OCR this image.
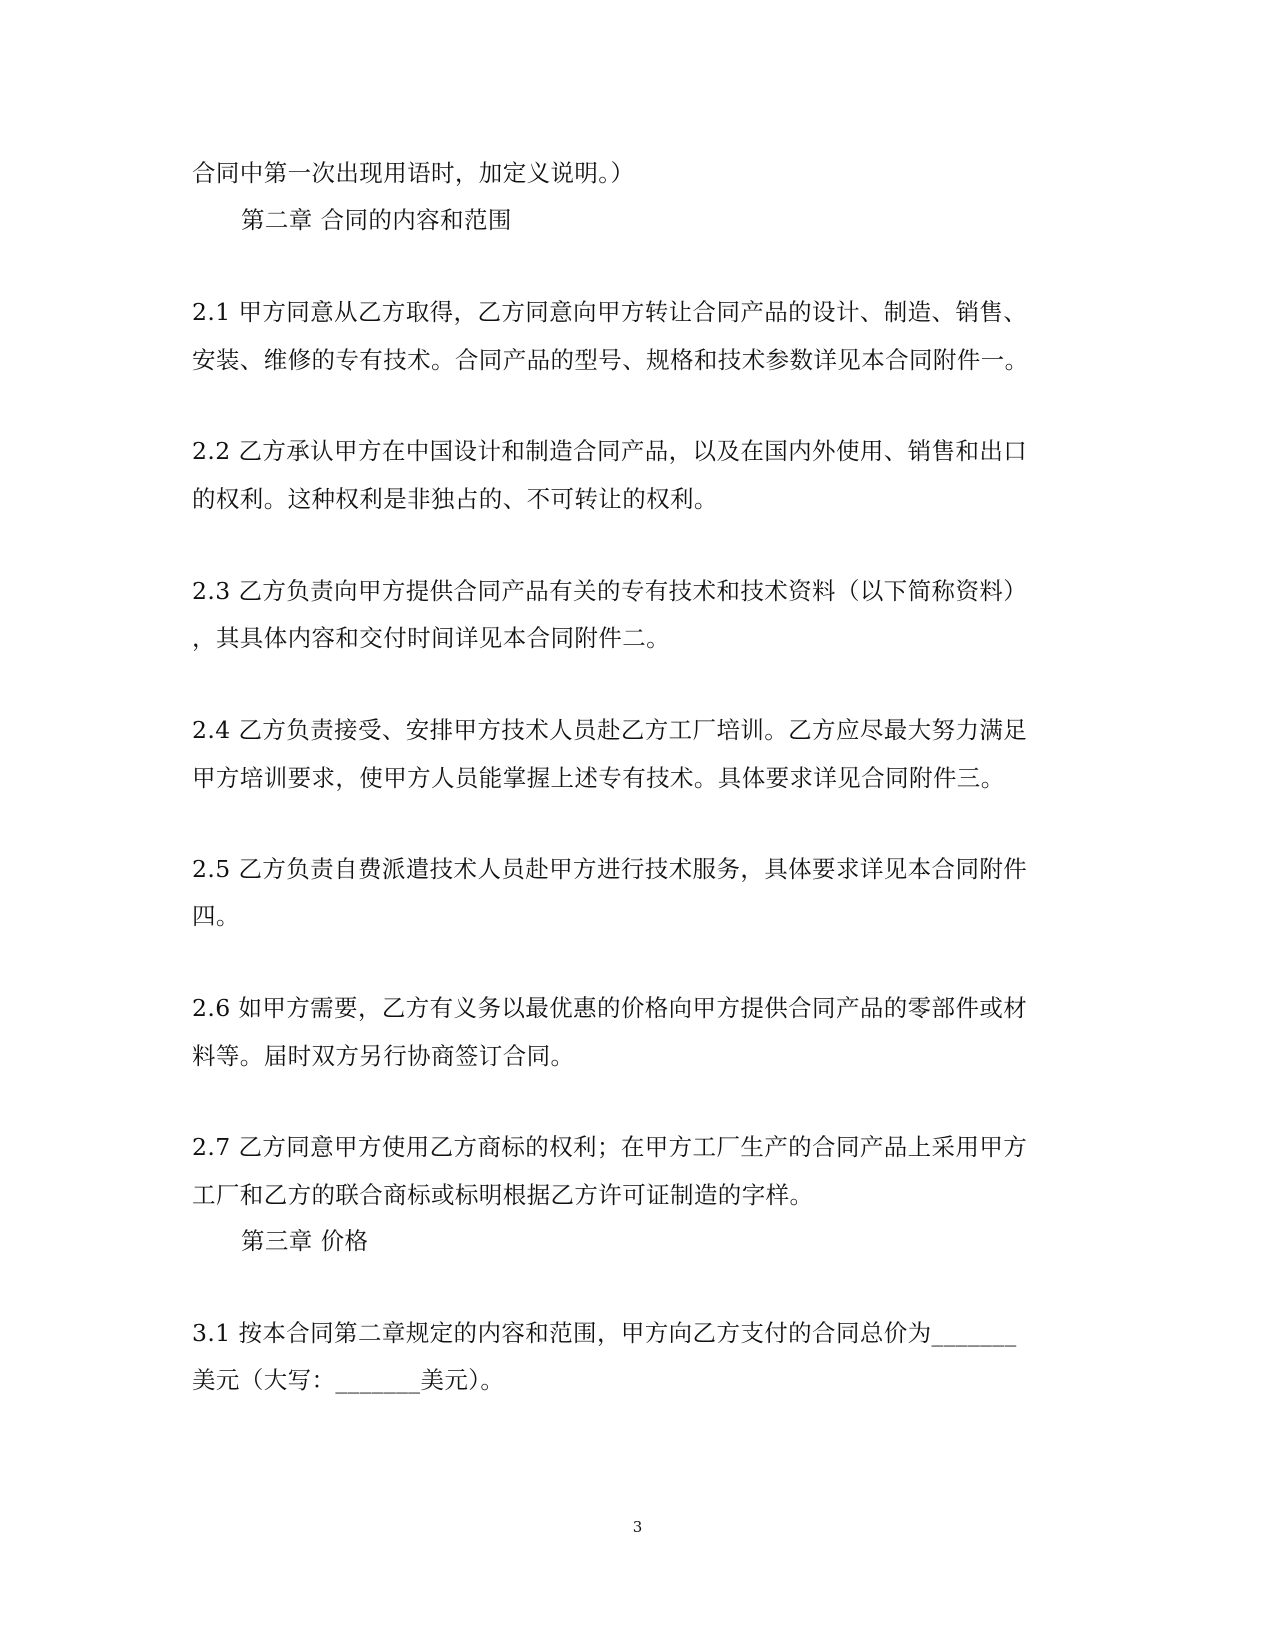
合同中第一次出现用语时，加定义说明。）
第二章 合同的内容和范围
2.1 甲方同意从乙方取得，乙方同意向甲方转让合同产品的设计、制造、销售、
安装、维修的专有技术。合同产品的型号、规格和技术参数详见本合同附件一。
2.2 乙方承认甲方在中国设计和制造合同产品，以及在国内外使用、销售和出口
的权利。这种权利是非独占的、不可转让的权利。
2.3 乙方负责向甲方提供合同产品有关的专有技术和技术资料（以下简称资料）
，其具体内容和交付时间详见本合同附件二。
2.4 乙方负责接受、安排甲方技术人员赴乙方工厂培训。乙方应尽最大努力满足
甲方培训要求，使甲方人员能掌握上述专有技术。具体要求详见合同附件三。
2.5 乙方负责自费派遣技术人员赴甲方进行技术服务，具体要求详见本合同附件
四。
2.6 如甲方需要，乙方有义务以最优惠的价格向甲方提供合同产品的零部件或材
料等。届时双方另行协商签订合同。
2.7 乙方同意甲方使用乙方商标的权利；在甲方工厂生产的合同产品上采用甲方
工厂和乙方的联合商标或标明根据乙方许可证制造的字样。
第三章 价格
3.1 按本合同第二章规定的内容和范围，甲方向乙方支付的合同总价为_______
美元（大写：_______美元）。
3
